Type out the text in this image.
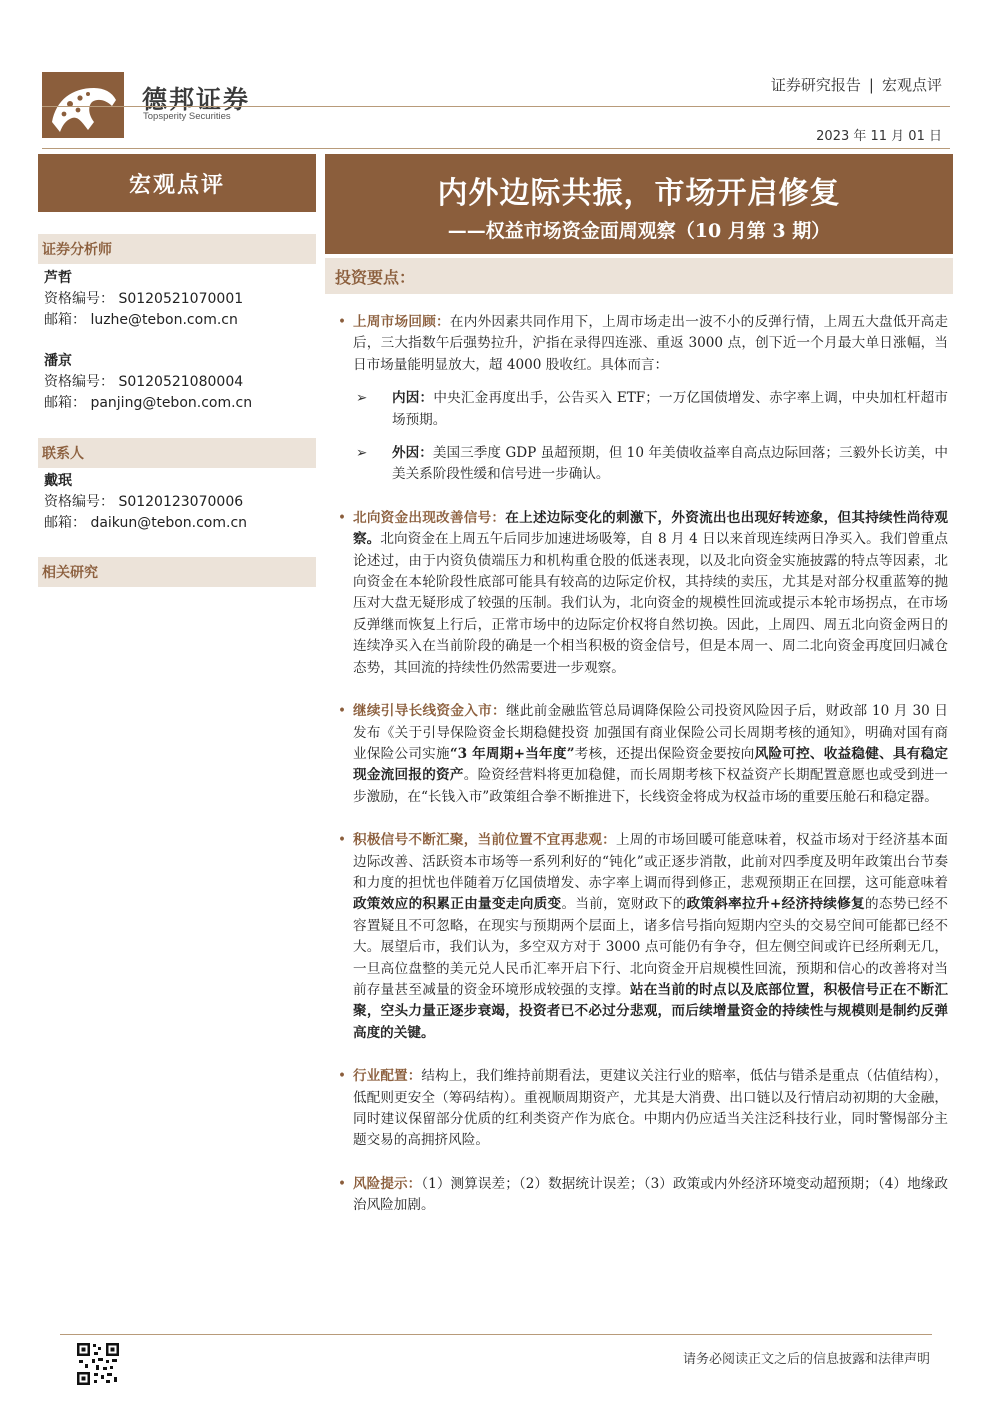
德邦证券
Topsperity Securities
证券研究报告 | 宏观点评
2023 年 11 月 01 日
宏观点评
证券分析师
芦哲
资格编号： S0120521070001
邮箱： luzhe@tebon.com.cn
潘京
资格编号： S0120521080004
邮箱： panjing@tebon.com.cn
联系人
戴珉
资格编号： S0120123070006
邮箱： daikun@tebon.com.cn
相关研究
内外边际共振，市场开启修复
——权益市场资金面周观察（10 月第 3 期）
投资要点：
• 上周市场回顾：在内外因素共同作用下，上周市场走出一波不小的反弹行情，上周五大盘低开高走后，三大指数午后强势拉升，沪指在录得四连涨、重返 3000 点，创下近一个月最大单日涨幅，当日市场量能明显放大，超 4000 股收红。具体而言：
➢ 内因：中央汇金再度出手，公告买入 ETF；一万亿国债增发、赤字率上调，中央加杠杆超市场预期。
➢ 外因：美国三季度 GDP 虽超预期，但 10 年美债收益率自高点边际回落；三毅外长访美，中美关系阶段性缓和信号进一步确认。
• 北向资金出现改善信号：在上述边际变化的刺激下，外资流出也出现好转迹象，但其持续性尚待观察。北向资金在上周五午后同步加速进场吸筹，自 8 月 4 日以来首现连续两日净买入。我们曾重点论述过，由于内资负债端压力和机构重仓股的低迷表现，以及北向资金实施披露的特点等因素，北向资金在本轮阶段性底部可能具有较高的边际定价权，其持续的卖压，尤其是对部分权重蓝筹的抛压对大盘无疑形成了较强的压制。我们认为，北向资金的规模性回流或提示本轮市场拐点，在市场反弹继而恢复上行后，正常市场中的边际定价权将自然切换。因此，上周四、周五北向资金两日的连续净买入在当前阶段的确是一个相当积极的资金信号，但是本周一、周二北向资金再度回归减仓态势，其回流的持续性仍然需要进一步观察。
• 继续引导长线资金入市：继此前金融监管总局调降保险公司投资风险因子后，财政部 10 月 30 日发布《关于引导保险资金长期稳健投资 加强国有商业保险公司长周期考核的通知》，明确对国有商业保险公司实施“3 年周期+当年度”考核，还提出保险资金要按向风险可控、收益稳健、具有稳定现金流回报的资产。险资经营料将更加稳健，而长周期考核下权益资产长期配置意愿也或受到进一步激励，在“长钱入市”政策组合拳不断推进下，长线资金将成为权益市场的重要压舱石和稳定器。
• 积极信号不断汇聚，当前位置不宜再悲观：上周的市场回暖可能意味着，权益市场对于经济基本面边际改善、活跃资本市场等一系列利好的“钝化”或正逐步消散，此前对四季度及明年政策出台节奏和力度的担忧也伴随着万亿国债增发、赤字率上调而得到修正，悲观预期正在回摆，这可能意味着政策效应的积累正由量变走向质变。当前，宽财政下的政策斜率拉升+经济持续修复的态势已经不容置疑且不可忽略，在现实与预期两个层面上，诸多信号指向短期内空头的交易空间可能都已经不大。展望后市，我们认为，多空双方对于 3000 点可能仍有争夺，但左侧空间或许已经所剩无几，一旦高位盘整的美元兑人民币汇率开启下行、北向资金开启规模性回流，预期和信心的改善将对当前存量甚至减量的资金环境形成较强的支撑。站在当前的时点以及底部位置，积极信号正在不断汇聚，空头力量正逐步衰竭，投资者已不必过分悲观，而后续增量资金的持续性与规模则是制约反弹高度的关键。
• 行业配置：结构上，我们维持前期看法，更建议关注行业的赔率，低估与错杀是重点（估值结构），低配则更安全（筹码结构）。重视顺周期资产，尤其是大消费、出口链以及行情启动初期的大金融，同时建议保留部分优质的红利类资产作为底仓。中期内仍应适当关注泛科技行业，同时警惕部分主题交易的高拥挤风险。
• 风险提示：（1）测算误差；（2）数据统计误差；（3）政策或内外经济环境变动超预期；（4）地缘政治风险加剧。
请务必阅读正文之后的信息披露和法律声明
